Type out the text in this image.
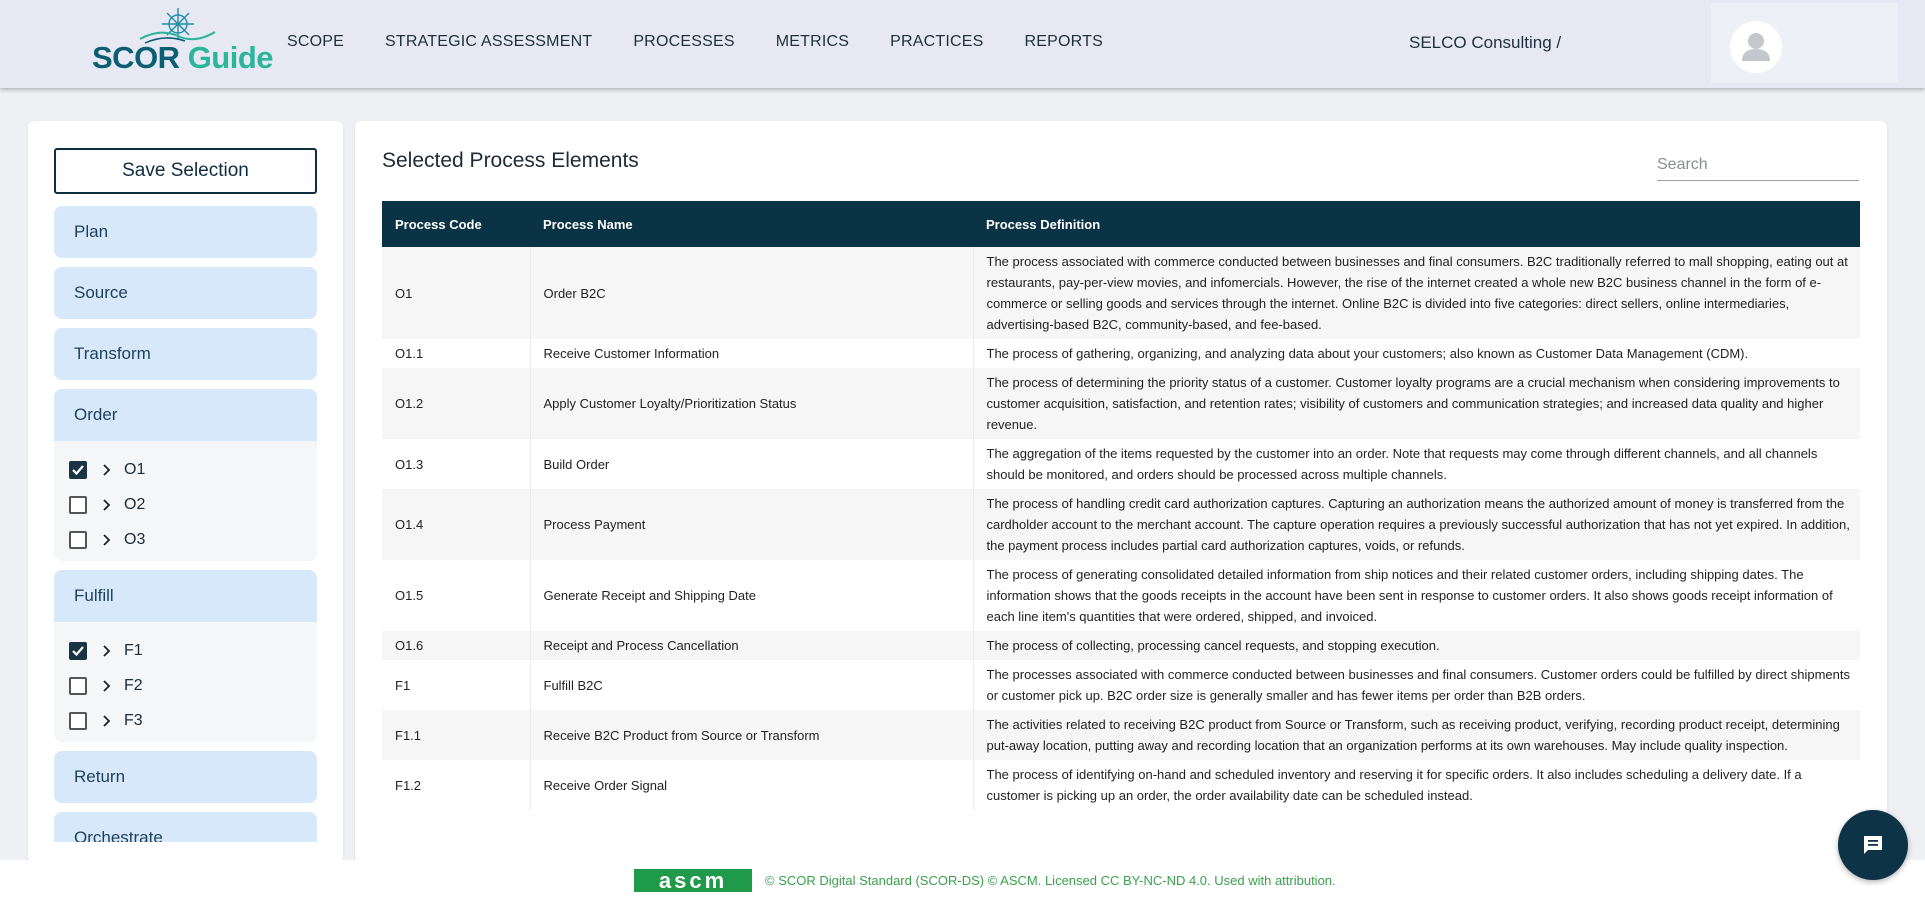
SCOR Guide SCOPE	STRATEGIC ASSESSMENT	PROCESSES	METRICS	PRACTICES	REPORTS	SELCO Consulting /
Save Selection
Plan
Source
Transform
Order
O1
O2
O3
Fulfill
F1
F2
F3
Return
Orchestrate
Selected Process Elements
Search
Process Code	Process Name	Process Definition
O1	Order B2C	The process associated with commerce conducted between businesses and final consumers. B2C traditionally referred to mall shopping, eating out at restaurants, pay-per-view movies, and infomercials. However, the rise of the internet created a whole new B2C business channel in the form of e-commerce or selling goods and services through the internet. Online B2C is divided into five categories: direct sellers, online intermediaries, advertising-based B2C, community-based, and fee-based.
O1.1	Receive Customer Information	The process of gathering, organizing, and analyzing data about your customers; also known as Customer Data Management (CDM).
O1.2	Apply Customer Loyalty/Prioritization Status	The process of determining the priority status of a customer. Customer loyalty programs are a crucial mechanism when considering improvements to customer acquisition, satisfaction, and retention rates; visibility of customers and communication strategies; and increased data quality and higher revenue.
O1.3	Build Order	The aggregation of the items requested by the customer into an order. Note that requests may come through different channels, and all channels should be monitored, and orders should be processed across multiple channels.
O1.4	Process Payment	The process of handling credit card authorization captures. Capturing an authorization means the authorized amount of money is transferred from the cardholder account to the merchant account. The capture operation requires a previously successful authorization that has not yet expired. In addition, the payment process includes partial card authorization captures, voids, or refunds.
O1.5	Generate Receipt and Shipping Date	The process of generating consolidated detailed information from ship notices and their related customer orders, including shipping dates. The information shows that the goods receipts in the account have been sent in response to customer orders. It also shows goods receipt information of each line item's quantities that were ordered, shipped, and invoiced.
O1.6	Receipt and Process Cancellation	The process of collecting, processing cancel requests, and stopping execution.
F1	Fulfill B2C	The processes associated with commerce conducted between businesses and final consumers. Customer orders could be fulfilled by direct shipments or customer pick up. B2C order size is generally smaller and has fewer items per order than B2B orders.
F1.1	Receive B2C Product from Source or Transform	The activities related to receiving B2C product from Source or Transform, such as receiving product, verifying, recording product receipt, determining put-away location, putting away and recording location that an organization performs at its own warehouses. May include quality inspection.
F1.2	Receive Order Signal	The process of identifying on-hand and scheduled inventory and reserving it for specific orders. It also includes scheduling a delivery date. If a customer is picking up an order, the order availability date can be scheduled instead.
ascm	© SCOR Digital Standard (SCOR-DS) © ASCM. Licensed CC BY-NC-ND 4.0. Used with attribution.
